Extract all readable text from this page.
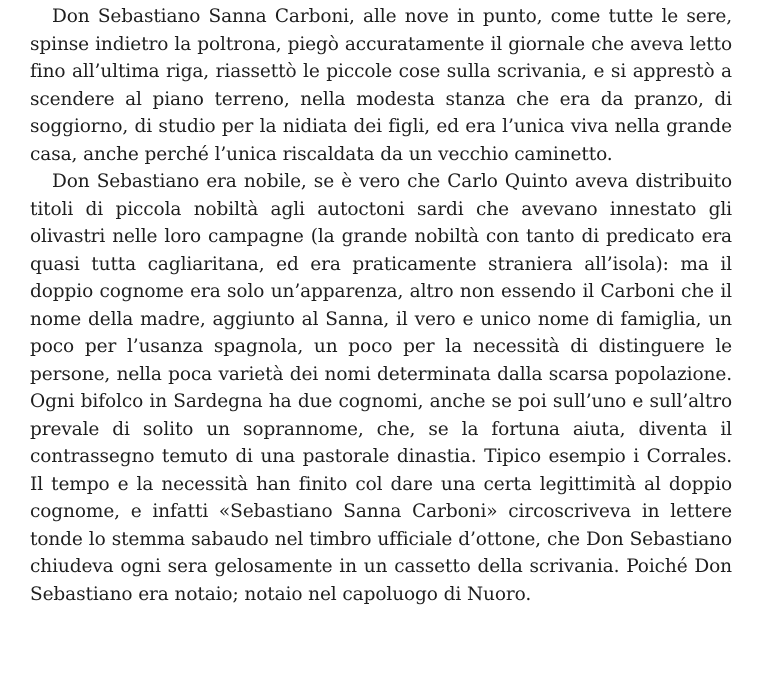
Don Sebastiano Sanna Carboni, alle nove in punto, come tutte le sere, spinse indietro la poltrona, piegò accuratamente il giornale che aveva letto fino all’ultima riga, riassettò le piccole cose sulla scrivania, e si apprestò a scendere al piano terreno, nella modesta stanza che era da pranzo, di soggiorno, di studio per la nidiata dei figli, ed era l’unica viva nella grande casa, anche perché l’unica riscaldata da un vecchio caminetto.

Don Sebastiano era nobile, se è vero che Carlo Quinto aveva distribuito titoli di piccola nobiltà agli autoctoni sardi che avevano innestato gli olivastri nelle loro campagne (la grande nobiltà con tanto di predicato era quasi tutta cagliaritana, ed era praticamente straniera all’isola): ma il doppio cognome era solo un’apparenza, altro non essendo il Carboni che il nome della madre, aggiunto al Sanna, il vero e unico nome di famiglia, un poco per l’usanza spagnola, un poco per la necessità di distinguere le persone, nella poca varietà dei nomi determinata dalla scarsa popolazione. Ogni bifolco in Sardegna ha due cognomi, anche se poi sull’uno e sull’altro prevale di solito un soprannome, che, se la fortuna aiuta, diventa il contrassegno temuto di una pastorale dinastia. Tipico esempio i Corrales. Il tempo e la necessità han finito col dare una certa legittimità al doppio cognome, e infatti «Sebastiano Sanna Carboni» circoscriveva in lettere tonde lo stemma sabaudo nel timbro ufficiale d’ottone, che Don Sebastiano chiudeva ogni sera gelosamente in un cassetto della scrivania. Poiché Don Sebastiano era notaio; notaio nel capoluogo di Nuoro.
